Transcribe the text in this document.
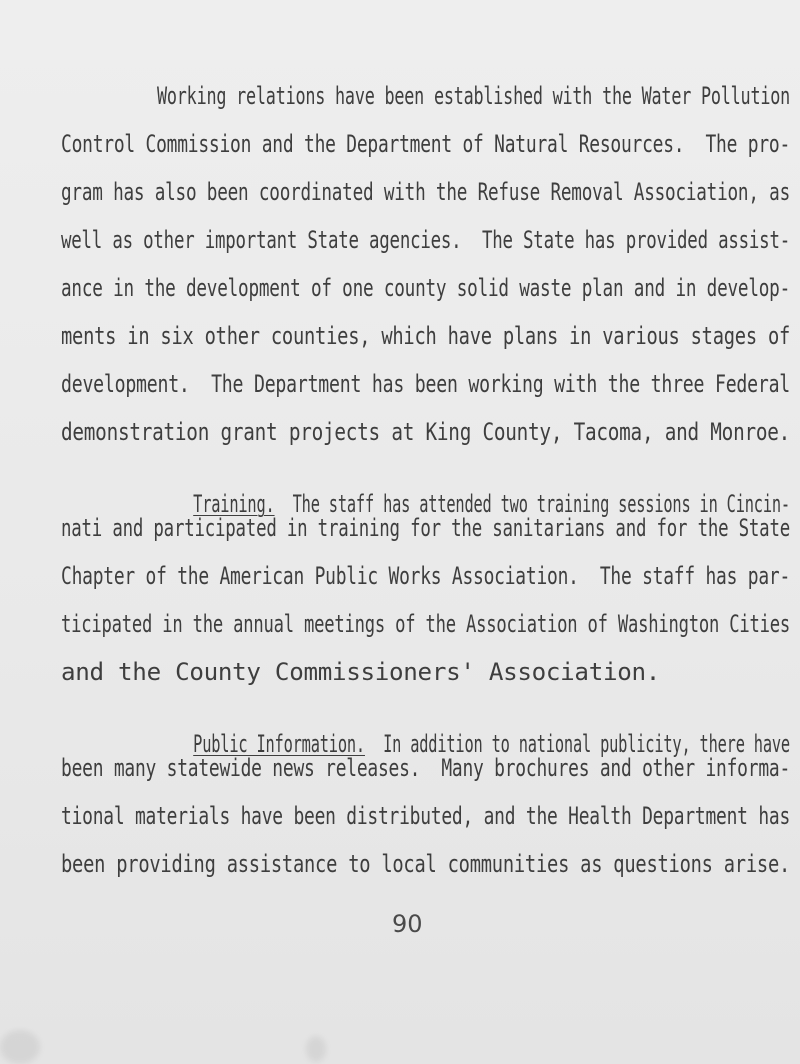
Working relations have been established with the Water Pollution
Control Commission and the Department of Natural Resources.  The pro-
gram has also been coordinated with the Refuse Removal Association, as
well as other important State agencies.  The State has provided assist-
ance in the development of one county solid waste plan and in develop-
ments in six other counties, which have plans in various stages of
development.  The Department has been working with the three Federal
demonstration grant projects at King County, Tacoma, and Monroe.

Training.  The staff has attended two training sessions in Cincin-

nati and participated in training for the sanitarians and for the State
Chapter of the American Public Works Association.  The staff has par-
ticipated in the annual meetings of the Association of Washington Cities
and the County Commissioners' Association.

Public Information.  In addition to national publicity, there have

been many statewide news releases.  Many brochures and other informa-
tional materials have been distributed, and the Health Department has
been providing assistance to local communities as questions arise.
90
